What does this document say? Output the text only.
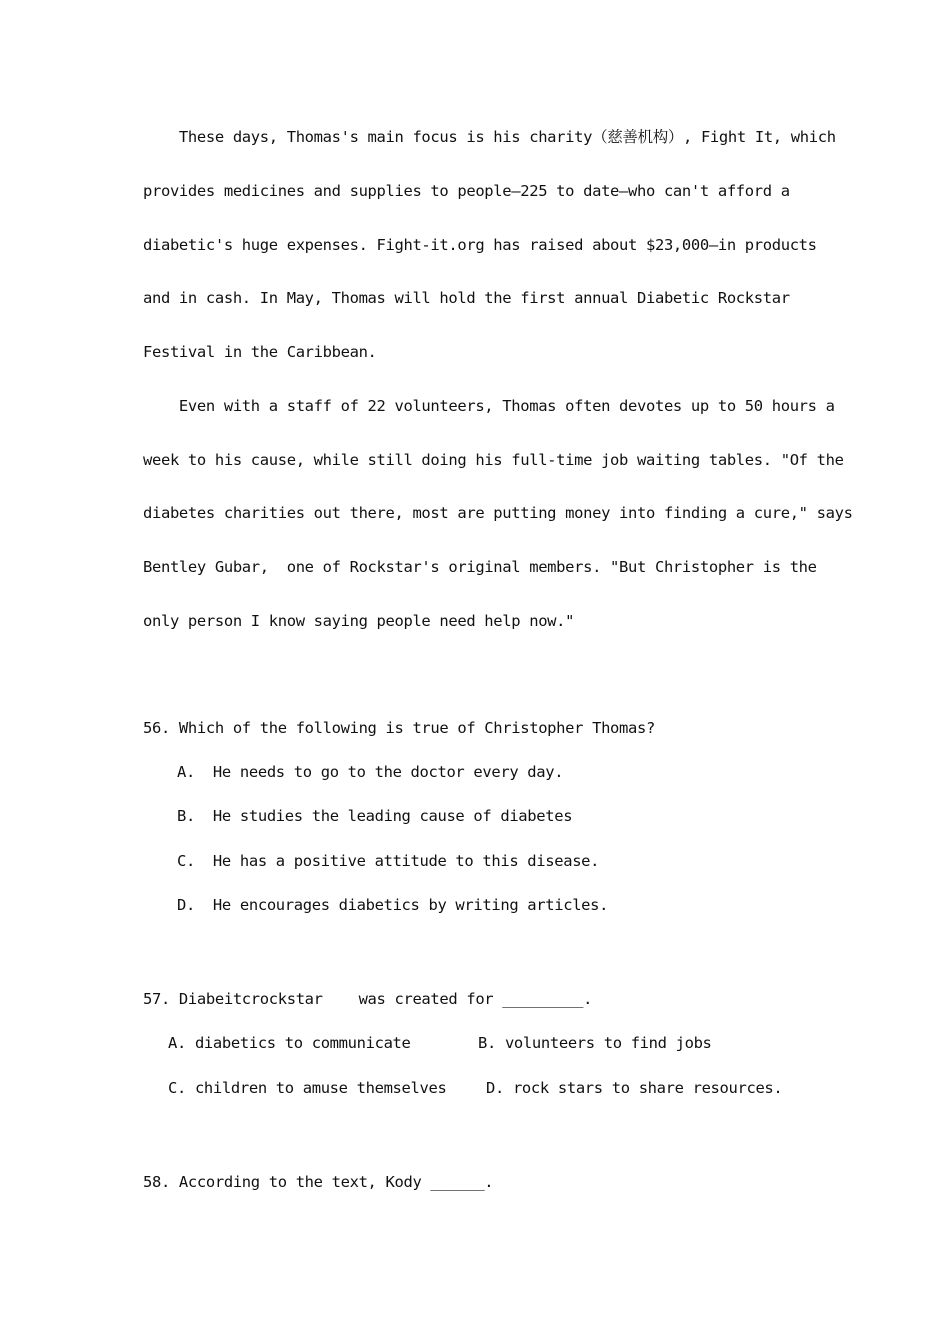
These days, Thomas's main focus is his charity（慈善机构）, Fight It, which
provides medicines and supplies to people—225 to date—who can't afford a
diabetic's huge expenses. Fight-it.org has raised about $23,000—in products
and in cash. In May, Thomas will hold the first annual Diabetic Rockstar
Festival in the Caribbean.
Even with a staff of 22 volunteers, Thomas often devotes up to 50 hours a
week to his cause, while still doing his full-time job waiting tables. "Of the
diabetes charities out there, most are putting money into finding a cure," says
Bentley Gubar,  one of Rockstar's original members. "But Christopher is the
only person I know saying people need help now."
56. Which of the following is true of Christopher Thomas?
A.  He needs to go to the doctor every day.
B.  He studies the leading cause of diabetes
C.  He has a positive attitude to this disease.
D.  He encourages diabetics by writing articles.
57. Diabeitcrockstar    was created for _________.
A. diabetics to communicate	B. volunteers to find jobs
C. children to amuse themselves	D. rock stars to share resources.
58. According to the text, Kody ______.
